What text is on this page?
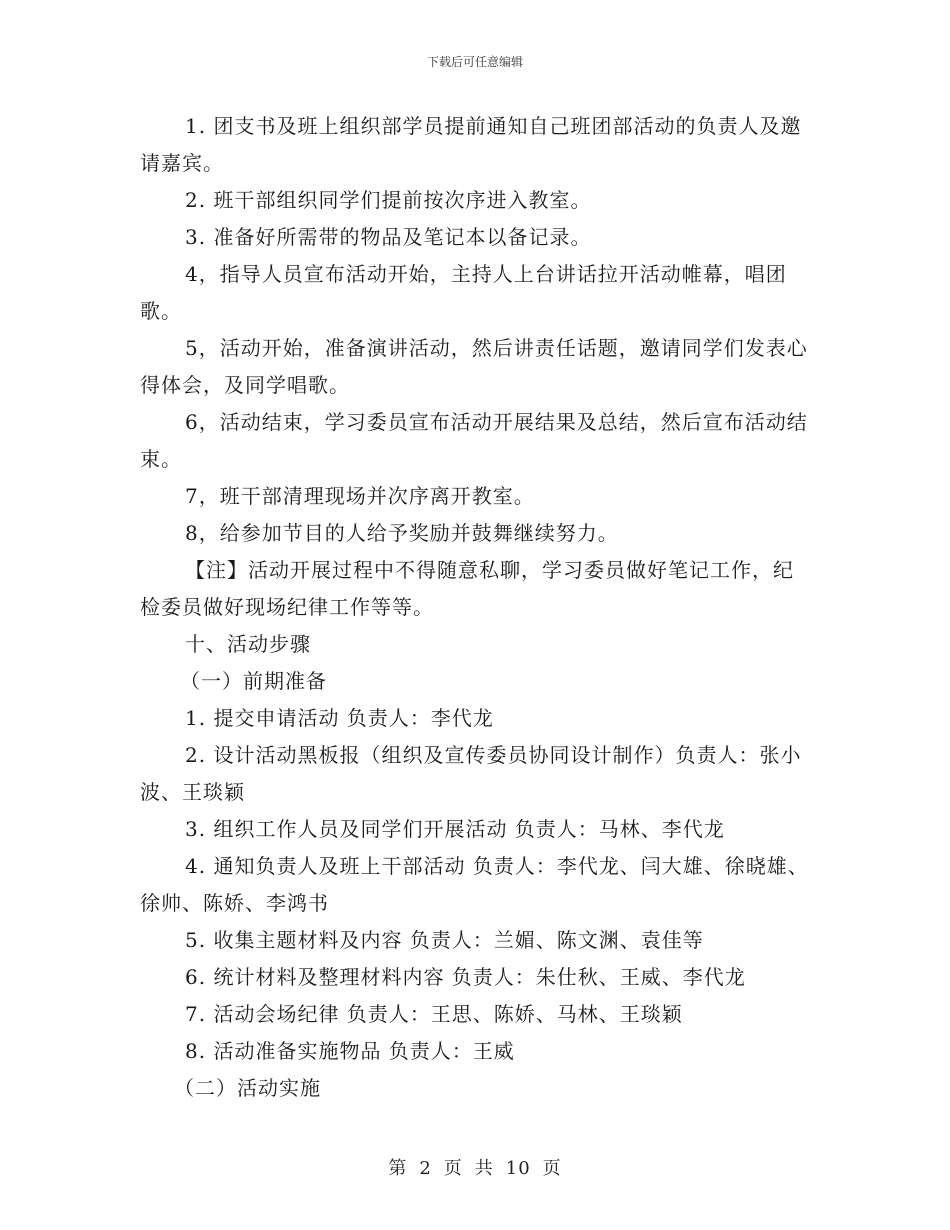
下载后可任意编辑

1. 团支书及班上组织部学员提前通知自己班团部活动的负责人及邀请嘉宾。

2. 班干部组织同学们提前按次序进入教室。

3. 准备好所需带的物品及笔记本以备记录。

4，指导人员宣布活动开始，主持人上台讲话拉开活动帷幕，唱团歌。

5，活动开始，准备演讲活动，然后讲责任话题，邀请同学们发表心得体会，及同学唱歌。

6，活动结束，学习委员宣布活动开展结果及总结，然后宣布活动结束。

7，班干部清理现场并次序离开教室。

8，给参加节目的人给予奖励并鼓舞继续努力。

【注】活动开展过程中不得随意私聊，学习委员做好笔记工作，纪检委员做好现场纪律工作等等。

十、活动步骤

（一）前期准备

1. 提交申请活动 负责人：李代龙

2. 设计活动黑板报（组织及宣传委员协同设计制作）负责人：张小波、王琰颖

3. 组织工作人员及同学们开展活动 负责人：马林、李代龙

4. 通知负责人及班上干部活动 负责人：李代龙、闫大雄、徐晓雄、徐帅、陈娇、李鸿书

5. 收集主题材料及内容 负责人：兰媚、陈文渊、袁佳等

6. 统计材料及整理材料内容 负责人：朱仕秋、王威、李代龙

7. 活动会场纪律 负责人：王思、陈娇、马林、王琰颖

8. 活动准备实施物品 负责人：王威

（二）活动实施

第 2 页 共 10 页
